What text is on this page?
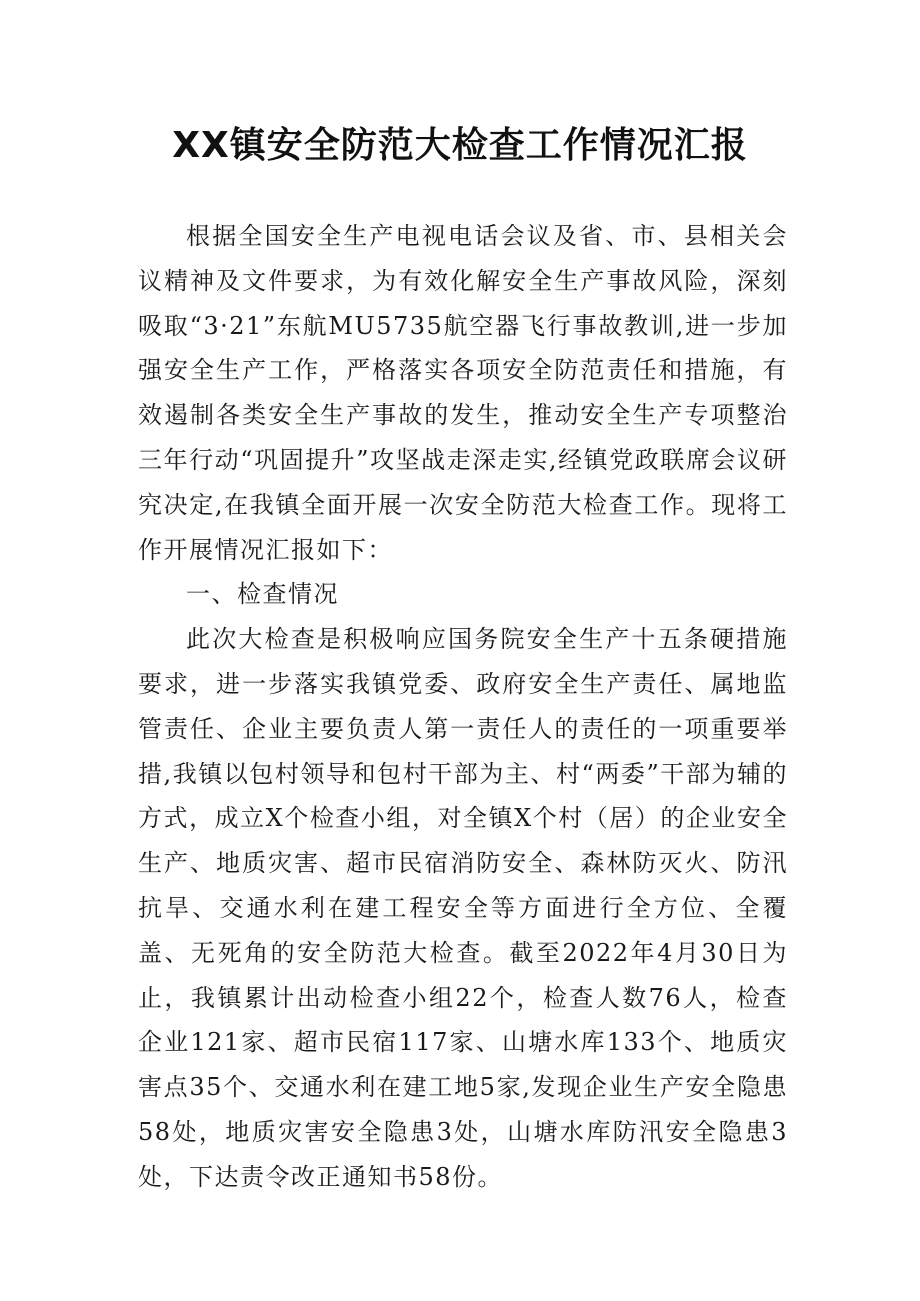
XX镇安全防范大检查工作情况汇报

根据全国安全生产电视电话会议及省、市、县相关会议精神及文件要求，为有效化解安全生产事故风险，深刻吸取“3·21”东航MU5735航空器飞行事故教训,进一步加强安全生产工作，严格落实各项安全防范责任和措施，有效遏制各类安全生产事故的发生，推动安全生产专项整治三年行动“巩固提升”攻坚战走深走实,经镇党政联席会议研究决定,在我镇全面开展一次安全防范大检查工作。现将工作开展情况汇报如下：

一、检查情况

此次大检查是积极响应国务院安全生产十五条硬措施要求，进一步落实我镇党委、政府安全生产责任、属地监管责任、企业主要负责人第一责任人的责任的一项重要举措,我镇以包村领导和包村干部为主、村“两委”干部为辅的方式，成立X个检查小组，对全镇X个村（居）的企业安全生产、地质灾害、超市民宿消防安全、森林防灭火、防汛抗旱、交通水利在建工程安全等方面进行全方位、全覆盖、无死角的安全防范大检查。截至2022年4月30日为止，我镇累计出动检查小组22个，检查人数76人，检查企业121家、超市民宿117家、山塘水库133个、地质灾害点35个、交通水利在建工地5家,发现企业生产安全隐患58处，地质灾害安全隐患3处，山塘水库防汛安全隐患3处，下达责令改正通知书58份。
